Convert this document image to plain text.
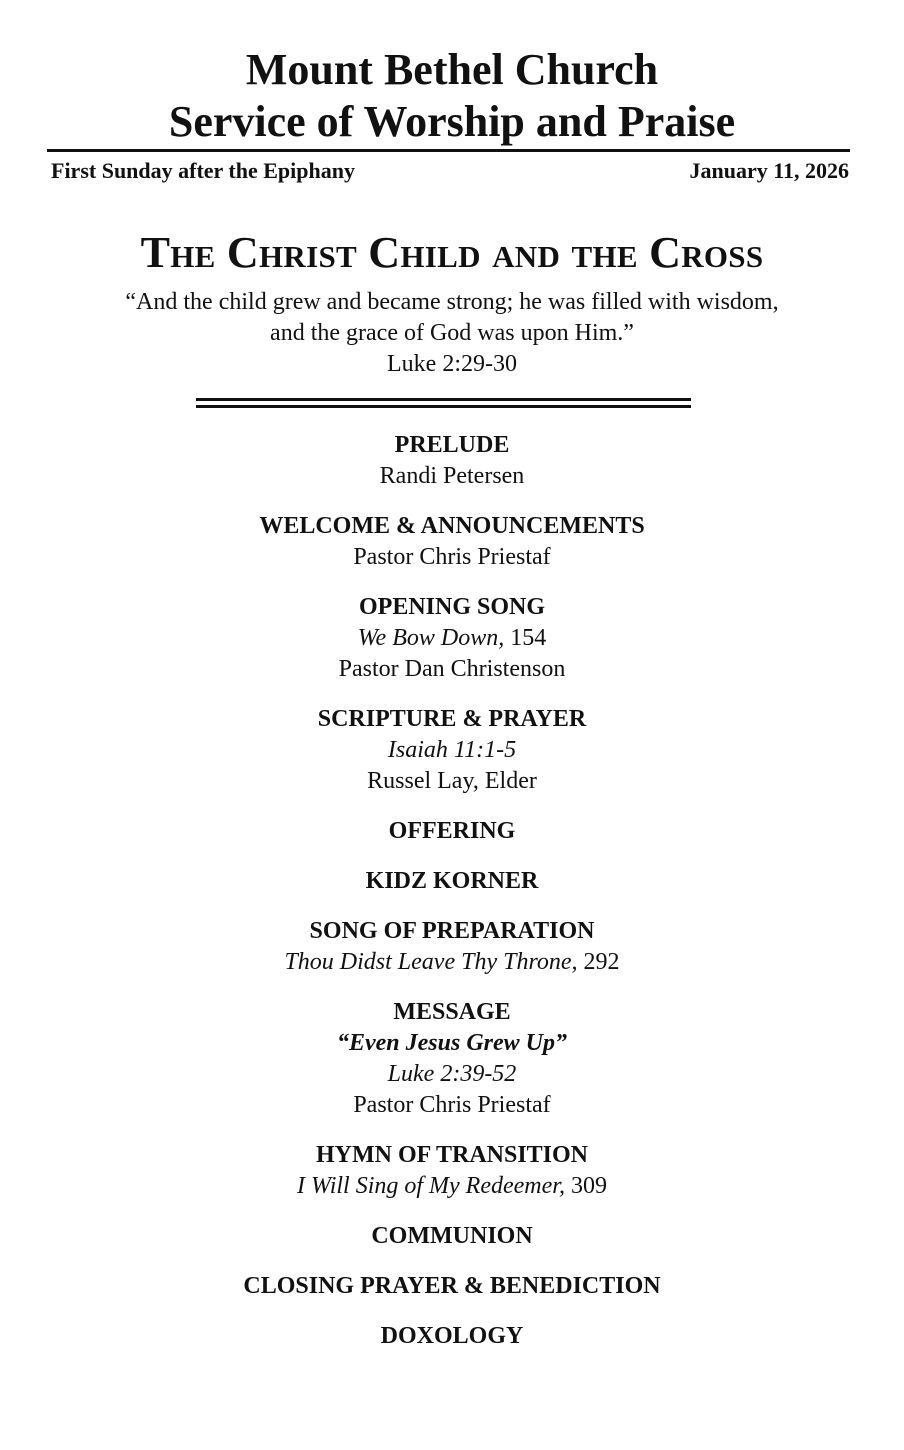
Mount Bethel Church
Service of Worship and Praise
First Sunday after the Epiphany	January 11, 2026
The Christ Child and the Cross
“And the child grew and became strong; he was filled with wisdom,
and the grace of God was upon Him.”
Luke 2:29-30
PRELUDE
Randi Petersen
WELCOME & ANNOUNCEMENTS
Pastor Chris Priestaf
OPENING SONG
We Bow Down, 154
Pastor Dan Christenson
SCRIPTURE & PRAYER
Isaiah 11:1-5
Russel Lay, Elder
OFFERING
KIDZ KORNER
SONG OF PREPARATION
Thou Didst Leave Thy Throne, 292
MESSAGE
“Even Jesus Grew Up”
Luke 2:39-52
Pastor Chris Priestaf
HYMN OF TRANSITION
I Will Sing of My Redeemer, 309
COMMUNION
CLOSING PRAYER & BENEDICTION
DOXOLOGY
